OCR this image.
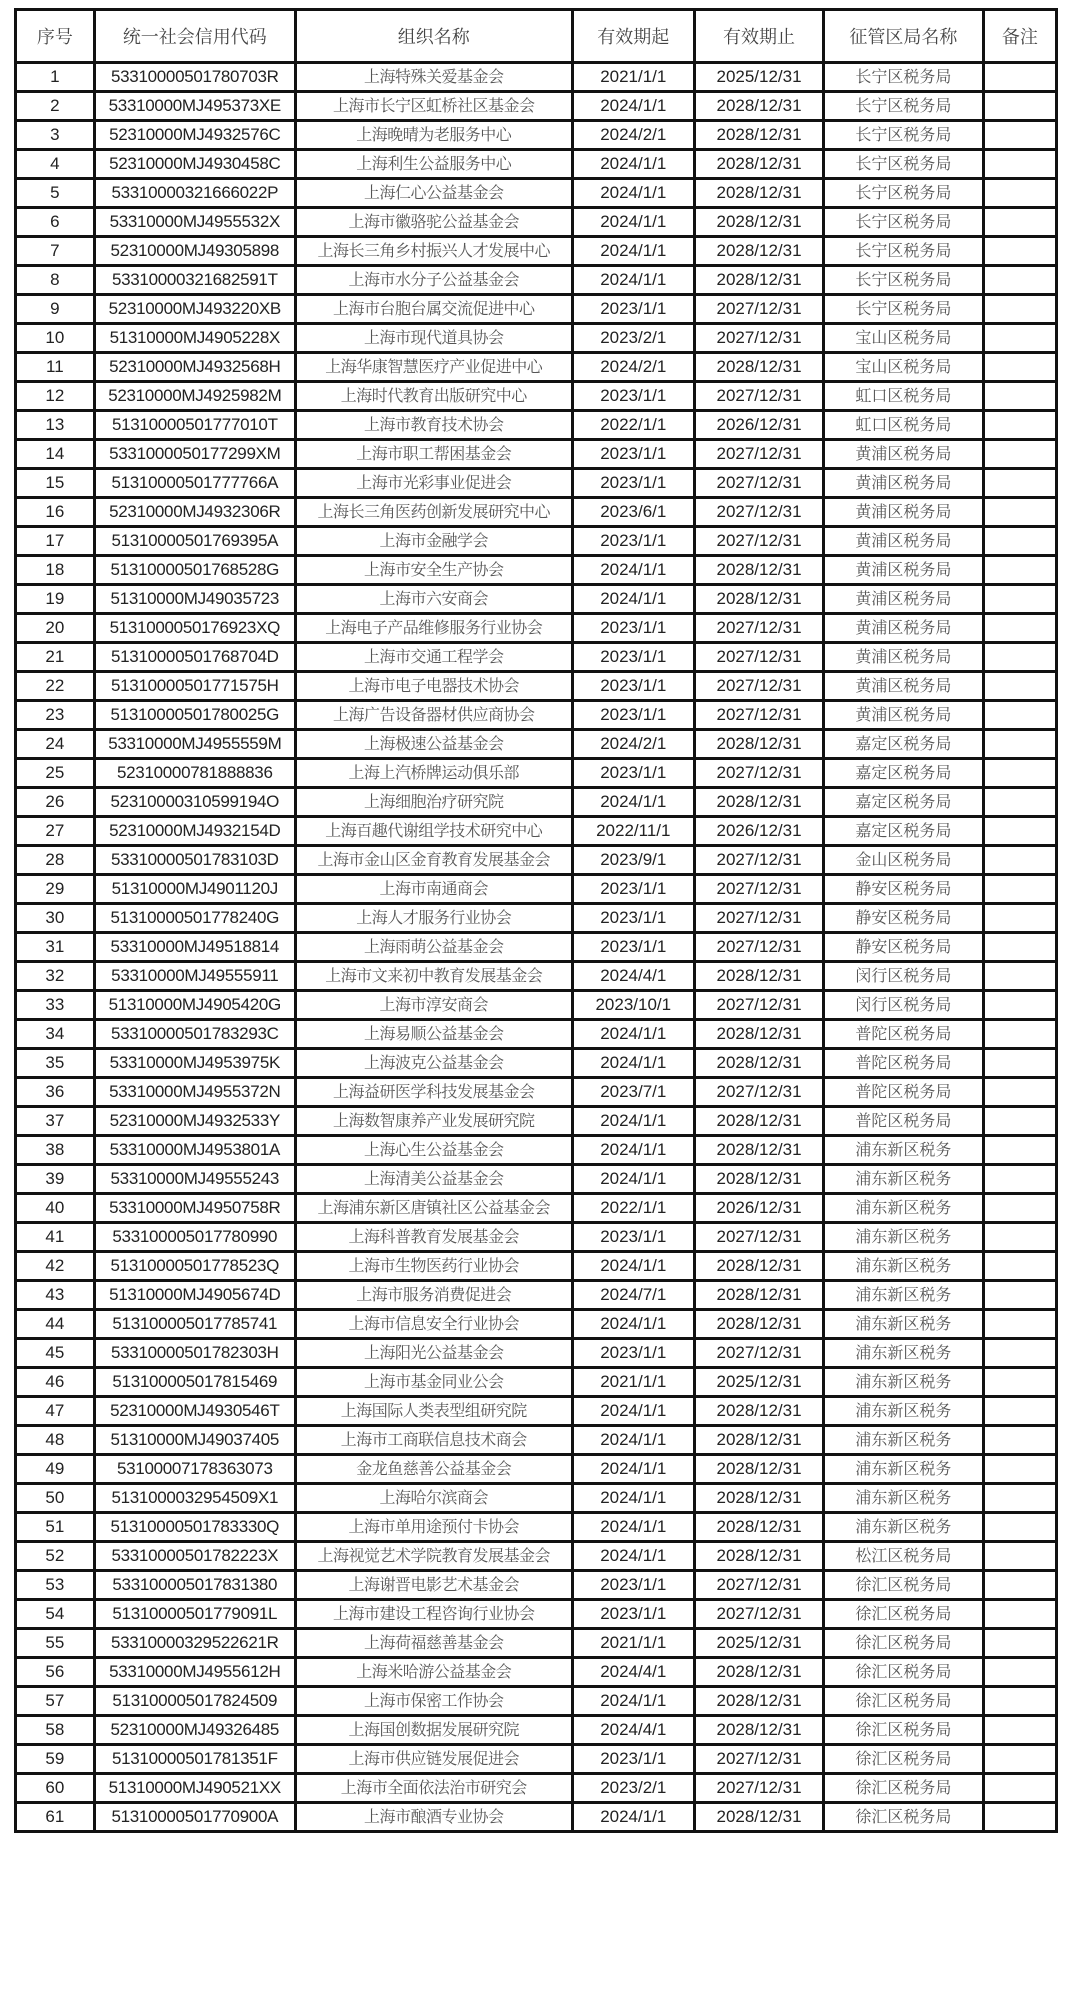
序号	统一社会信用代码	组织名称	有效期起	有效期止	征管区局名称	备注
1	53310000501780703R	上海特殊关爱基金会	2021/1/1	2025/12/31	长宁区税务局	
2	53310000MJ495373XE	上海市长宁区虹桥社区基金会	2024/1/1	2028/12/31	长宁区税务局	
3	52310000MJ4932576C	上海晚晴为老服务中心	2024/2/1	2028/12/31	长宁区税务局	
4	52310000MJ4930458C	上海利生公益服务中心	2024/1/1	2028/12/31	长宁区税务局	
5	53310000321666022P	上海仁心公益基金会	2024/1/1	2028/12/31	长宁区税务局	
6	53310000MJ4955532X	上海市徽骆驼公益基金会	2024/1/1	2028/12/31	长宁区税务局	
7	52310000MJ49305898	上海长三角乡村振兴人才发展中心	2024/1/1	2028/12/31	长宁区税务局	
8	53310000321682591T	上海市水分子公益基金会	2024/1/1	2028/12/31	长宁区税务局	
9	52310000MJ493220XB	上海市台胞台属交流促进中心	2023/1/1	2027/12/31	长宁区税务局	
10	51310000MJ4905228X	上海市现代道具协会	2023/2/1	2027/12/31	宝山区税务局	
11	52310000MJ4932568H	上海华康智慧医疗产业促进中心	2024/2/1	2028/12/31	宝山区税务局	
12	52310000MJ4925982M	上海时代教育出版研究中心	2023/1/1	2027/12/31	虹口区税务局	
13	51310000501777010T	上海市教育技术协会	2022/1/1	2026/12/31	虹口区税务局	
14	5331000050177299XM	上海市职工帮困基金会	2023/1/1	2027/12/31	黄浦区税务局	
15	51310000501777766A	上海市光彩事业促进会	2023/1/1	2027/12/31	黄浦区税务局	
16	52310000MJ4932306R	上海长三角医药创新发展研究中心	2023/6/1	2027/12/31	黄浦区税务局	
17	51310000501769395A	上海市金融学会	2023/1/1	2027/12/31	黄浦区税务局	
18	51310000501768528G	上海市安全生产协会	2024/1/1	2028/12/31	黄浦区税务局	
19	51310000MJ49035723	上海市六安商会	2024/1/1	2028/12/31	黄浦区税务局	
20	5131000050176923XQ	上海电子产品维修服务行业协会	2023/1/1	2027/12/31	黄浦区税务局	
21	51310000501768704D	上海市交通工程学会	2023/1/1	2027/12/31	黄浦区税务局	
22	51310000501771575H	上海市电子电器技术协会	2023/1/1	2027/12/31	黄浦区税务局	
23	51310000501780025G	上海广告设备器材供应商协会	2023/1/1	2027/12/31	黄浦区税务局	
24	53310000MJ4955559M	上海极速公益基金会	2024/2/1	2028/12/31	嘉定区税务局	
25	52310000781888836	上海上汽桥牌运动俱乐部	2023/1/1	2027/12/31	嘉定区税务局	
26	52310000310599194O	上海细胞治疗研究院	2024/1/1	2028/12/31	嘉定区税务局	
27	52310000MJ4932154D	上海百趣代谢组学技术研究中心	2022/11/1	2026/12/31	嘉定区税务局	
28	53310000501783103D	上海市金山区金育教育发展基金会	2023/9/1	2027/12/31	金山区税务局	
29	51310000MJ4901120J	上海市南通商会	2023/1/1	2027/12/31	静安区税务局	
30	51310000501778240G	上海人才服务行业协会	2023/1/1	2027/12/31	静安区税务局	
31	53310000MJ49518814	上海雨萌公益基金会	2023/1/1	2027/12/31	静安区税务局	
32	53310000MJ49555911	上海市文来初中教育发展基金会	2024/4/1	2028/12/31	闵行区税务局	
33	51310000MJ4905420G	上海市淳安商会	2023/10/1	2027/12/31	闵行区税务局	
34	53310000501783293C	上海易顺公益基金会	2024/1/1	2028/12/31	普陀区税务局	
35	53310000MJ4953975K	上海波克公益基金会	2024/1/1	2028/12/31	普陀区税务局	
36	53310000MJ4955372N	上海益研医学科技发展基金会	2023/7/1	2027/12/31	普陀区税务局	
37	52310000MJ4932533Y	上海数智康养产业发展研究院	2024/1/1	2028/12/31	普陀区税务局	
38	53310000MJ4953801A	上海心生公益基金会	2024/1/1	2028/12/31	浦东新区税务	
39	53310000MJ49555243	上海清美公益基金会	2024/1/1	2028/12/31	浦东新区税务	
40	53310000MJ4950758R	上海浦东新区唐镇社区公益基金会	2022/1/1	2026/12/31	浦东新区税务	
41	533100005017780990	上海科普教育发展基金会	2023/1/1	2027/12/31	浦东新区税务	
42	51310000501778523Q	上海市生物医药行业协会	2024/1/1	2028/12/31	浦东新区税务	
43	51310000MJ4905674D	上海市服务消费促进会	2024/7/1	2028/12/31	浦东新区税务	
44	513100005017785741	上海市信息安全行业协会	2024/1/1	2028/12/31	浦东新区税务	
45	53310000501782303H	上海阳光公益基金会	2023/1/1	2027/12/31	浦东新区税务	
46	513100005017815469	上海市基金同业公会	2021/1/1	2025/12/31	浦东新区税务	
47	52310000MJ4930546T	上海国际人类表型组研究院	2024/1/1	2028/12/31	浦东新区税务	
48	51310000MJ49037405	上海市工商联信息技术商会	2024/1/1	2028/12/31	浦东新区税务	
49	53100007178363073	金龙鱼慈善公益基金会	2024/1/1	2028/12/31	浦东新区税务	
50	5131000032954509X1	上海哈尔滨商会	2024/1/1	2028/12/31	浦东新区税务	
51	51310000501783330Q	上海市单用途预付卡协会	2024/1/1	2028/12/31	浦东新区税务	
52	53310000501782223X	上海视觉艺术学院教育发展基金会	2024/1/1	2028/12/31	松江区税务局	
53	533100005017831380	上海谢晋电影艺术基金会	2023/1/1	2027/12/31	徐汇区税务局	
54	51310000501779091L	上海市建设工程咨询行业协会	2023/1/1	2027/12/31	徐汇区税务局	
55	53310000329522621R	上海荷福慈善基金会	2021/1/1	2025/12/31	徐汇区税务局	
56	53310000MJ4955612H	上海米哈游公益基金会	2024/4/1	2028/12/31	徐汇区税务局	
57	513100005017824509	上海市保密工作协会	2024/1/1	2028/12/31	徐汇区税务局	
58	52310000MJ49326485	上海国创数据发展研究院	2024/4/1	2028/12/31	徐汇区税务局	
59	51310000501781351F	上海市供应链发展促进会	2023/1/1	2027/12/31	徐汇区税务局	
60	51310000MJ490521XX	上海市全面依法治市研究会	2023/2/1	2027/12/31	徐汇区税务局	
61	51310000501770900A	上海市酿酒专业协会	2024/1/1	2028/12/31	徐汇区税务局	
